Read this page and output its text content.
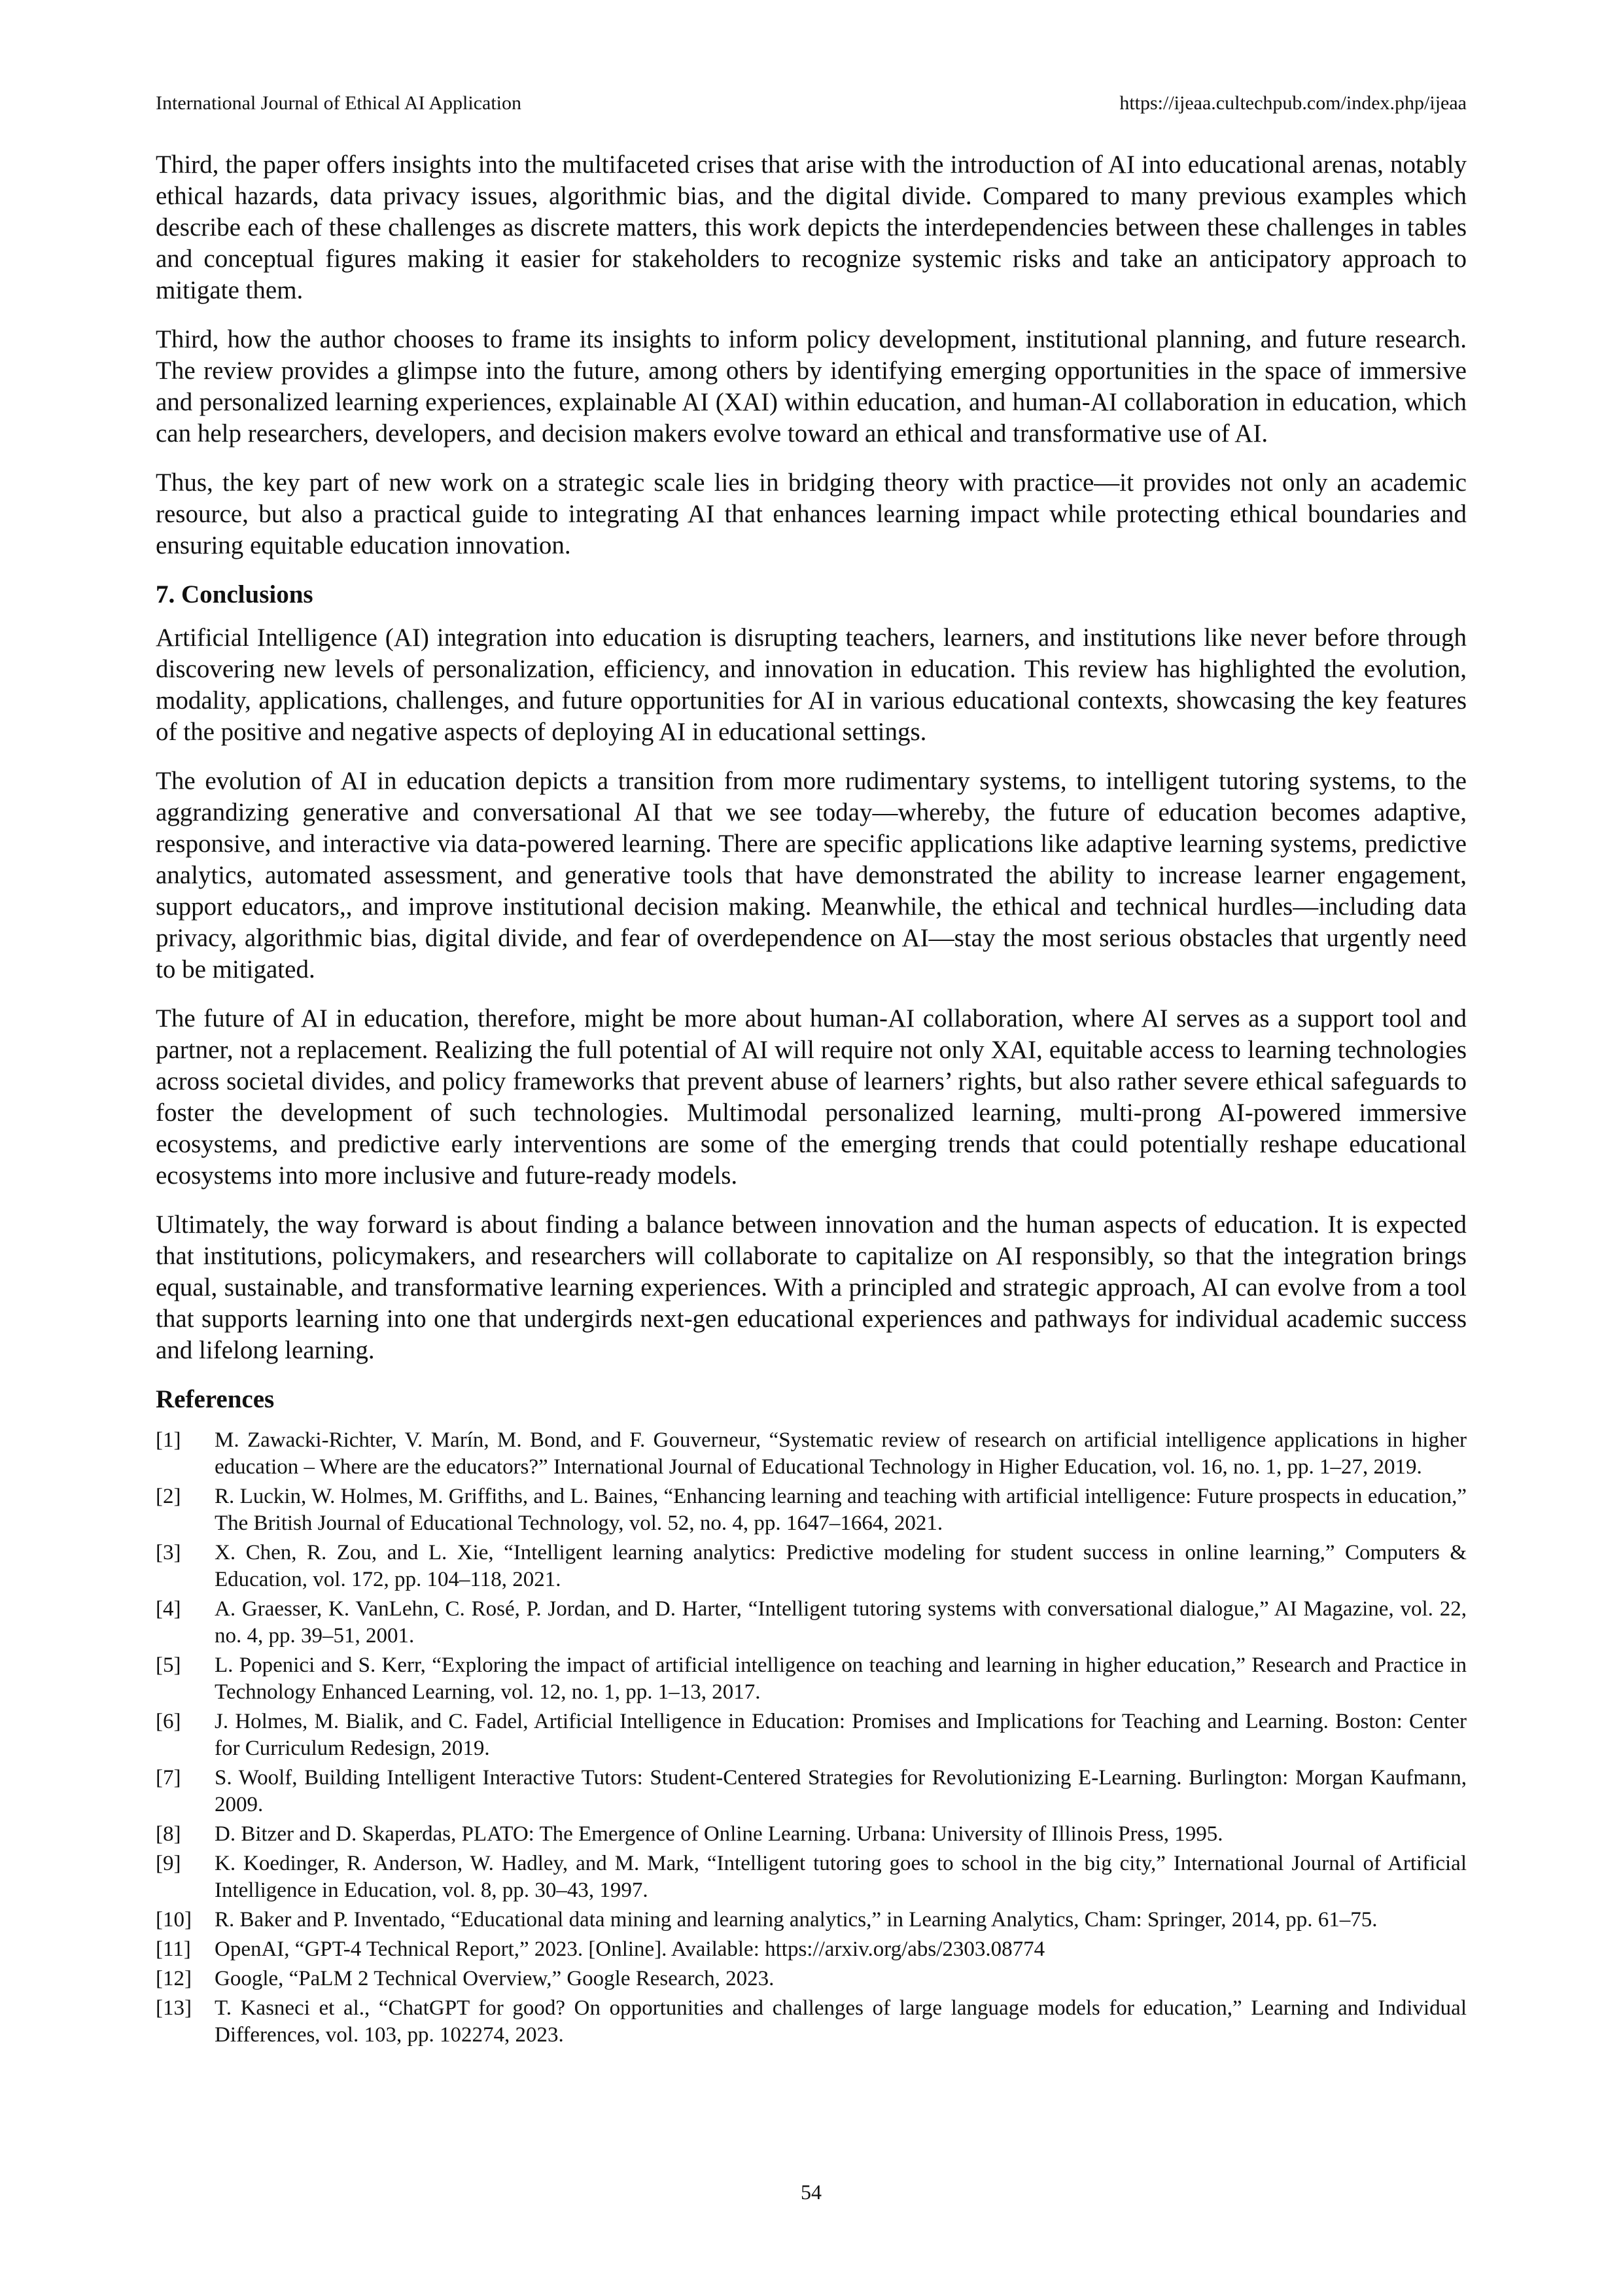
International Journal of Ethical AI Application	https://ijeaa.cultechpub.com/index.php/ijeaa

Third, the paper offers insights into the multifaceted crises that arise with the introduction of AI into educational arenas, notably ethical hazards, data privacy issues, algorithmic bias, and the digital divide. Compared to many previous examples which describe each of these challenges as discrete matters, this work depicts the interdependencies between these challenges in tables and conceptual figures making it easier for stakeholders to recognize systemic risks and take an anticipatory approach to mitigate them.

Third, how the author chooses to frame its insights to inform policy development, institutional planning, and future research. The review provides a glimpse into the future, among others by identifying emerging opportunities in the space of immersive and personalized learning experiences, explainable AI (XAI) within education, and human-AI collaboration in education, which can help researchers, developers, and decision makers evolve toward an ethical and transformative use of AI.

Thus, the key part of new work on a strategic scale lies in bridging theory with practice—it provides not only an academic resource, but also a practical guide to integrating AI that enhances learning impact while protecting ethical boundaries and ensuring equitable education innovation.

7. Conclusions

Artificial Intelligence (AI) integration into education is disrupting teachers, learners, and institutions like never before through discovering new levels of personalization, efficiency, and innovation in education. This review has highlighted the evolution, modality, applications, challenges, and future opportunities for AI in various educational contexts, showcasing the key features of the positive and negative aspects of deploying AI in educational settings.

The evolution of AI in education depicts a transition from more rudimentary systems, to intelligent tutoring systems, to the aggrandizing generative and conversational AI that we see today—whereby, the future of education becomes adaptive, responsive, and interactive via data-powered learning. There are specific applications like adaptive learning systems, predictive analytics, automated assessment, and generative tools that have demonstrated the ability to increase learner engagement, support educators,, and improve institutional decision making. Meanwhile, the ethical and technical hurdles—including data privacy, algorithmic bias, digital divide, and fear of overdependence on AI—stay the most serious obstacles that urgently need to be mitigated.

The future of AI in education, therefore, might be more about human-AI collaboration, where AI serves as a support tool and partner, not a replacement. Realizing the full potential of AI will require not only XAI, equitable access to learning technologies across societal divides, and policy frameworks that prevent abuse of learners’ rights, but also rather severe ethical safeguards to foster the development of such technologies. Multimodal personalized learning, multi-prong AI-powered immersive ecosystems, and predictive early interventions are some of the emerging trends that could potentially reshape educational ecosystems into more inclusive and future-ready models.

Ultimately, the way forward is about finding a balance between innovation and the human aspects of education. It is expected that institutions, policymakers, and researchers will collaborate to capitalize on AI responsibly, so that the integration brings equal, sustainable, and transformative learning experiences. With a principled and strategic approach, AI can evolve from a tool that supports learning into one that undergirds next-gen educational experiences and pathways for individual academic success and lifelong learning.

References
[1]	M. Zawacki-Richter, V. Marín, M. Bond, and F. Gouverneur, “Systematic review of research on artificial intelligence applications in higher education – Where are the educators?” International Journal of Educational Technology in Higher Education, vol. 16, no. 1, pp. 1–27, 2019.
[2]	R. Luckin, W. Holmes, M. Griffiths, and L. Baines, “Enhancing learning and teaching with artificial intelligence: Future prospects in education,” The British Journal of Educational Technology, vol. 52, no. 4, pp. 1647–1664, 2021.
[3]	X. Chen, R. Zou, and L. Xie, “Intelligent learning analytics: Predictive modeling for student success in online learning,” Computers & Education, vol. 172, pp. 104–118, 2021.
[4]	A. Graesser, K. VanLehn, C. Rosé, P. Jordan, and D. Harter, “Intelligent tutoring systems with conversational dialogue,” AI Magazine, vol. 22, no. 4, pp. 39–51, 2001.
[5]	L. Popenici and S. Kerr, “Exploring the impact of artificial intelligence on teaching and learning in higher education,” Research and Practice in Technology Enhanced Learning, vol. 12, no. 1, pp. 1–13, 2017.
[6]	J. Holmes, M. Bialik, and C. Fadel, Artificial Intelligence in Education: Promises and Implications for Teaching and Learning. Boston: Center for Curriculum Redesign, 2019.
[7]	S. Woolf, Building Intelligent Interactive Tutors: Student-Centered Strategies for Revolutionizing E-Learning. Burlington: Morgan Kaufmann, 2009.
[8]	D. Bitzer and D. Skaperdas, PLATO: The Emergence of Online Learning. Urbana: University of Illinois Press, 1995.
[9]	K. Koedinger, R. Anderson, W. Hadley, and M. Mark, “Intelligent tutoring goes to school in the big city,” International Journal of Artificial Intelligence in Education, vol. 8, pp. 30–43, 1997.
[10]	R. Baker and P. Inventado, “Educational data mining and learning analytics,” in Learning Analytics, Cham: Springer, 2014, pp. 61–75.
[11]	OpenAI, “GPT-4 Technical Report,” 2023. [Online]. Available: https://arxiv.org/abs/2303.08774
[12]	Google, “PaLM 2 Technical Overview,” Google Research, 2023.
[13]	T. Kasneci et al., “ChatGPT for good? On opportunities and challenges of large language models for education,” Learning and Individual Differences, vol. 103, pp. 102274, 2023.
54
